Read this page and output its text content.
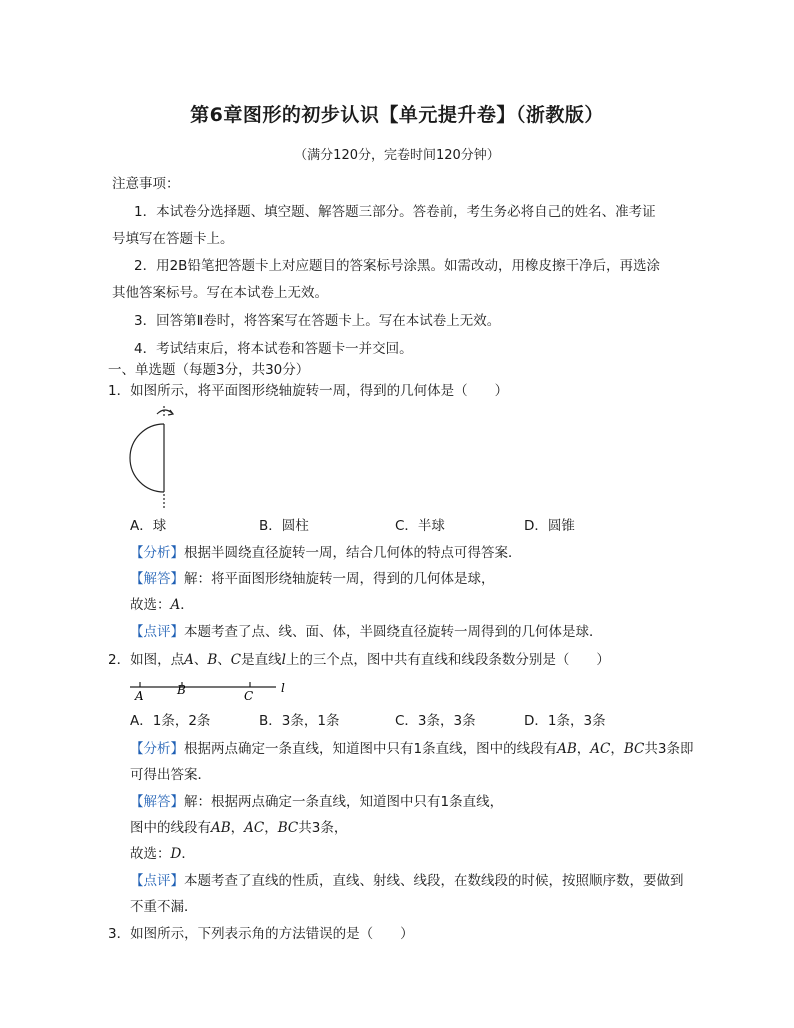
第6章图形的初步认识【单元提升卷】（浙教版）
（满分120分，完卷时间120分钟）
注意事项：
1．本试卷分选择题、填空题、解答题三部分。答卷前，考生务必将自己的姓名、准考证
号填写在答题卡上。
2．用2B铅笔把答题卡上对应题目的答案标号涂黑。如需改动，用橡皮擦干净后，再选涂
其他答案标号。写在本试卷上无效。
3．回答第Ⅱ卷时，将答案写在答题卡上。写在本试卷上无效。
4．考试结束后，将本试卷和答题卡一并交回。
一、单选题（每题3分，共30分）
1．如图所示，将平面图形绕轴旋转一周，得到的几何体是（　　）
A．球	B．圆柱	C．半球	D．圆锥
【分析】根据半圆绕直径旋转一周，结合几何体的特点可得答案．
【解答】解：将平面图形绕轴旋转一周，得到的几何体是球，
故选：A．
【点评】本题考查了点、线、面、体，半圆绕直径旋转一周得到的几何体是球．
2．如图，点A、B、C是直线l上的三个点，图中共有直线和线段条数分别是（　　）
A	B	C
l
A．1条，2条	B．3条，1条	C．3条，3条	D．1条，3条
【分析】根据两点确定一条直线，知道图中只有1条直线，图中的线段有AB，AC，BC共3条即
可得出答案．
【解答】解：根据两点确定一条直线，知道图中只有1条直线，
图中的线段有AB，AC，BC共3条，
故选：D．
【点评】本题考查了直线的性质，直线、射线、线段，在数线段的时候，按照顺序数，要做到
不重不漏．
3．如图所示，下列表示角的方法错误的是（　　）
